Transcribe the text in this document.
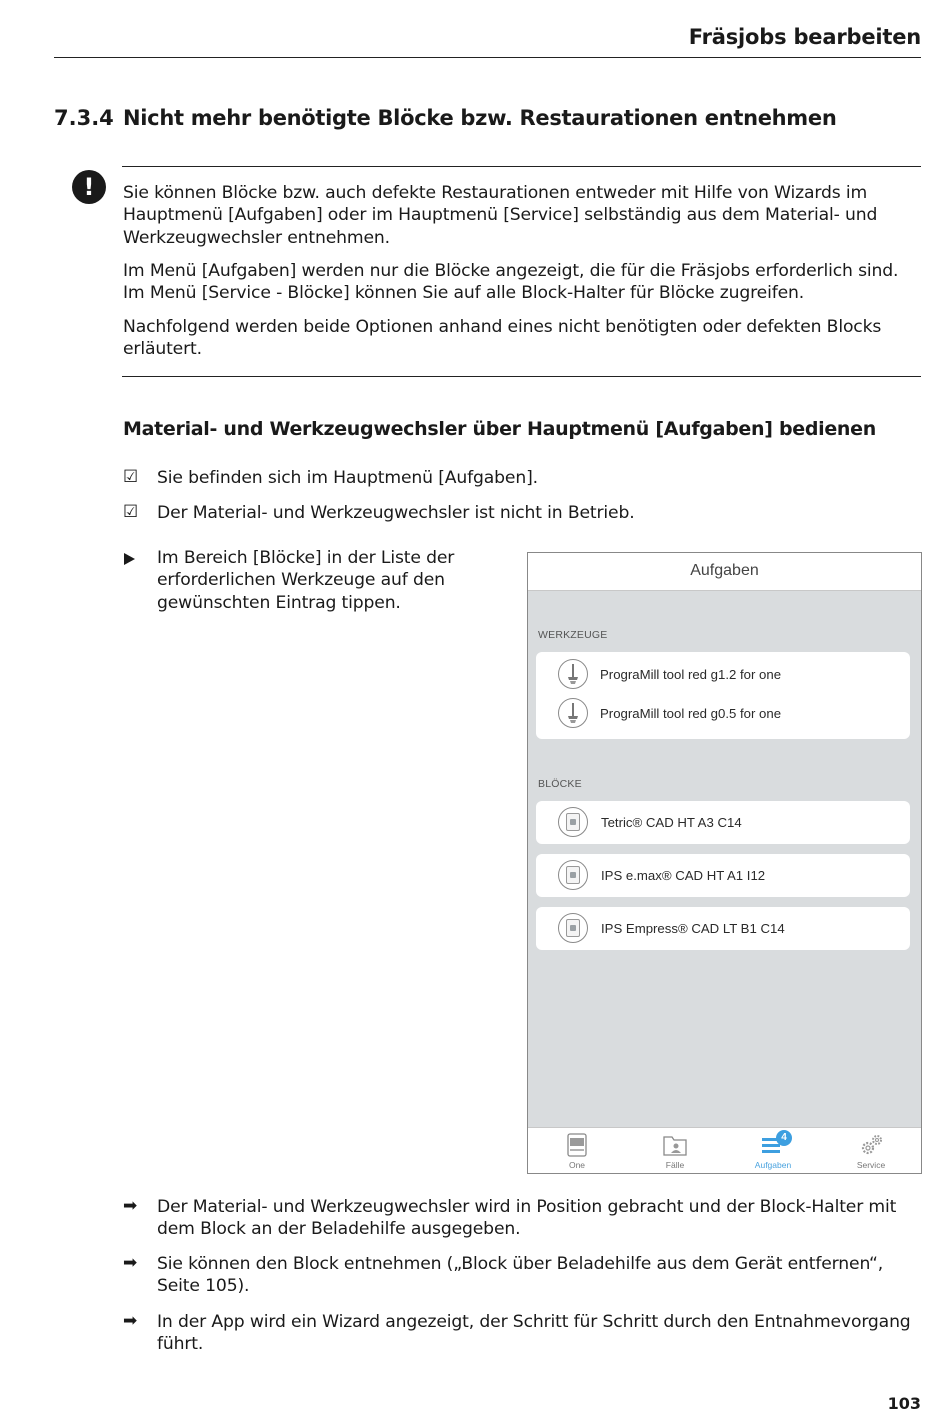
Fräsjobs bearbeiten
7.3.4 Nicht mehr benötigte Blöcke bzw. Restaurationen entnehmen
!	Sie können Blöcke bzw. auch defekte Restaurationen entweder mit Hilfe von Wizards im Hauptmenü [Aufgaben] oder im Hauptmenü [Service] selbständig aus dem Material- und Werkzeugwechsler entnehmen.
Im Menü [Aufgaben] werden nur die Blöcke angezeigt, die für die Fräsjobs erforderlich sind. Im Menü [Service - Blöcke] können Sie auf alle Block-Halter für Blöcke zugreifen.
Nachfolgend werden beide Optionen anhand eines nicht benötigten oder defekten Blocks erläutert.
Material- und Werkzeugwechsler über Hauptmenü [Aufgaben] bedienen
☑ Sie befinden sich im Hauptmenü [Aufgaben].
☑ Der Material- und Werkzeugwechsler ist nicht in Betrieb.
Im Bereich [Blöcke] in der Liste der erforderlichen Werkzeuge auf den gewünschten Eintrag tippen.
Aufgaben
WERKZEUGE
PrograMill tool red g1.2 for one
PrograMill tool red g0.5 for one
BLÖCKE
Tetric® CAD HT A3 C14
IPS e.max® CAD HT A1 I12
IPS Empress® CAD LT B1 C14
One	Fälle
4
Aufgaben	Service
➡	Der Material- und Werkzeugwechsler wird in Position gebracht und der Block-Halter mit dem Block an der Beladehilfe ausgegeben.
➡	Sie können den Block entnehmen („Block über Beladehilfe aus dem Gerät entfernen“, Seite 105).
➡	In der App wird ein Wizard angezeigt, der Schritt für Schritt durch den Entnahmevorgang führt.
103
